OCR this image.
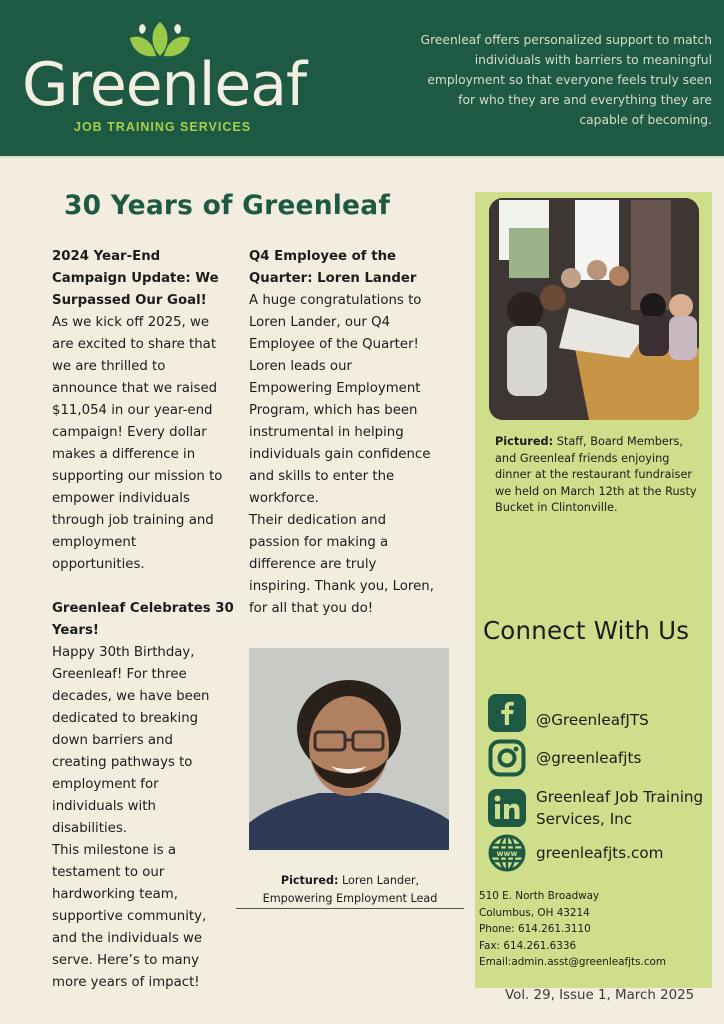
Greenleaf
JOB TRAINING SERVICES
Greenleaf offers personalized support to match
individuals with barriers to meaningful
employment so that everyone feels truly seen
for who they are and everything they are
capable of becoming.
30 Years of Greenleaf
2024 Year-End
Campaign Update: We
Surpassed Our Goal!

As we kick off 2025, we

are excited to share that

we are thrilled to

announce that we raised

$11,054 in our year-end

campaign! Every dollar

makes a difference in

supporting our mission to

empower individuals

through job training and

employment

opportunities.

Greenleaf Celebrates 30
Years!

Happy 30th Birthday,

Greenleaf! For three

decades, we have been

dedicated to breaking

down barriers and

creating pathways to

employment for

individuals with

disabilities.

This milestone is a

testament to our

hardworking team,

supportive community,

and the individuals we

serve. Here’s to many

more years of impact!

Q4 Employee of the
Quarter: Loren Lander

A huge congratulations to

Loren Lander, our Q4

Employee of the Quarter!

Loren leads our

Empowering Employment

Program, which has been

instrumental in helping

individuals gain confidence

and skills to enter the

workforce.

Their dedication and

passion for making a

difference are truly

inspiring. Thank you, Loren,

for all that you do!

Pictured: Loren Lander,
Empowering Employment Lead
Pictured: Staff, Board Members, and Greenleaf friends enjoying dinner at the restaurant fundraiser we held on March 12th at the Rusty Bucket in Clintonville.
Connect With Us
@GreenleafJTS
@greenleafjts
Greenleaf Job Training
Services, Inc
www greenleafjts.com
510 E. North Broadway
Columbus, OH 43214
Phone: 614.261.3110
Fax: 614.261.6336
Email:admin.asst@greenleafjts.com
Vol. 29, Issue 1, March 2025
